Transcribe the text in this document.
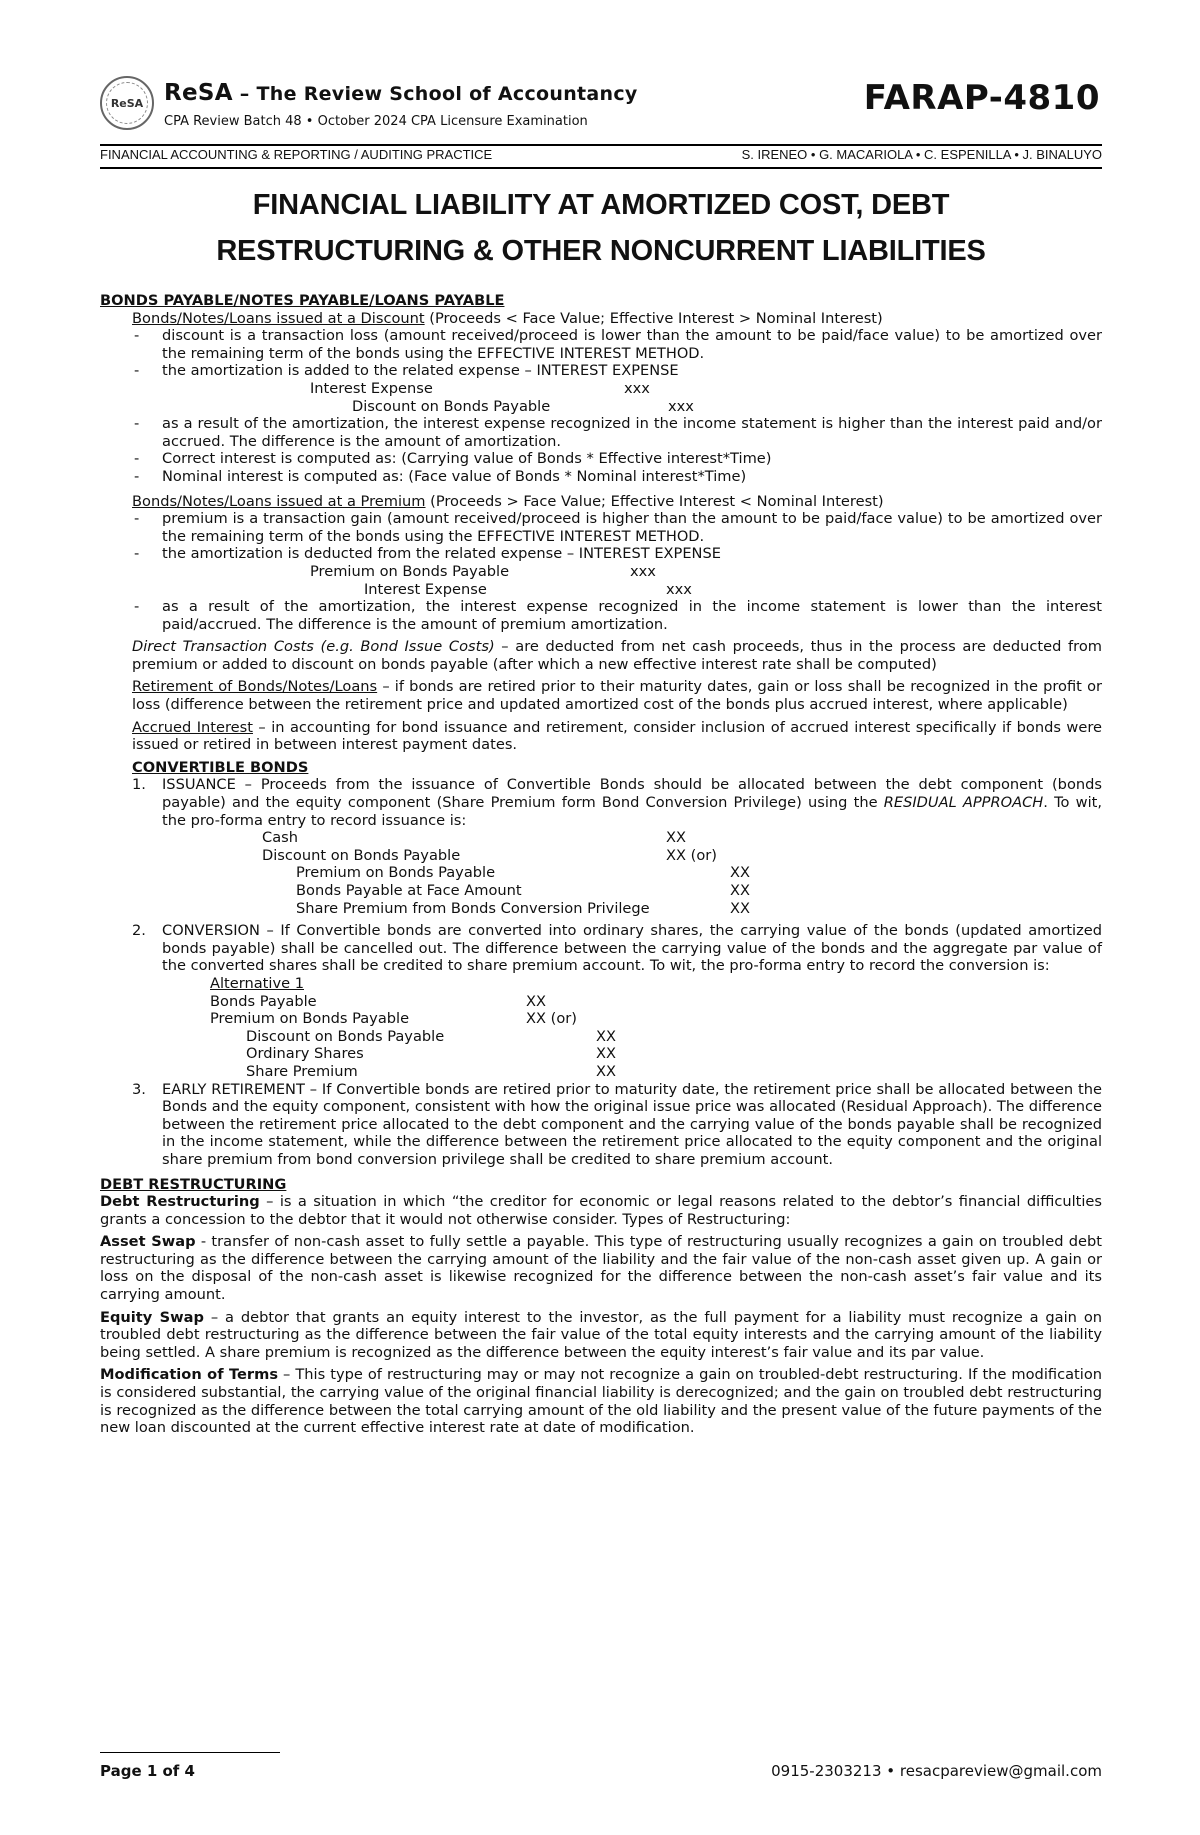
ReSA ReSA – The Review School of Accountancy
CPA Review Batch 48 • October 2024 CPA Licensure Examination
FARAP-4810
FINANCIAL ACCOUNTING & REPORTING / AUDITING PRACTICE	S. IRENEO • G. MACARIOLA • C. ESPENILLA • J. BINALUYO
FINANCIAL LIABILITY AT AMORTIZED COST, DEBT
RESTRUCTURING & OTHER NONCURRENT LIABILITIES

BONDS PAYABLE/NOTES PAYABLE/LOANS PAYABLE

Bonds/Notes/Loans issued at a Discount (Proceeds < Face Value; Effective Interest > Nominal Interest)

- discount is a transaction loss (amount received/proceed is lower than the amount to be paid/face value) to be amortized over the remaining term of the bonds using the EFFECTIVE INTEREST METHOD.
- the amortization is added to the related expense – INTEREST EXPENSE
Interest Expense	xxx
Discount on Bonds Payable	xxx
- as a result of the amortization, the interest expense recognized in the income statement is higher than the interest paid and/or accrued. The difference is the amount of amortization.
- Correct interest is computed as: (Carrying value of Bonds * Effective interest*Time)
- Nominal interest is computed as: (Face value of Bonds * Nominal interest*Time)

Bonds/Notes/Loans issued at a Premium (Proceeds > Face Value; Effective Interest < Nominal Interest)

- premium is a transaction gain (amount received/proceed is higher than the amount to be paid/face value) to be amortized over the remaining term of the bonds using the EFFECTIVE INTEREST METHOD.
- the amortization is deducted from the related expense – INTEREST EXPENSE
Premium on Bonds Payable	xxx
Interest Expense	xxx
- as a result of the amortization, the interest expense recognized in the income statement is lower than the interest paid/accrued. The difference is the amount of premium amortization.

Direct Transaction Costs (e.g. Bond Issue Costs) – are deducted from net cash proceeds, thus in the process are deducted from premium or added to discount on bonds payable (after which a new effective interest rate shall be computed)

Retirement of Bonds/Notes/Loans – if bonds are retired prior to their maturity dates, gain or loss shall be recognized in the profit or loss (difference between the retirement price and updated amortized cost of the bonds plus accrued interest, where applicable)

Accrued Interest – in accounting for bond issuance and retirement, consider inclusion of accrued interest specifically if bonds were issued or retired in between interest payment dates.

CONVERTIBLE BONDS

1. ISSUANCE – Proceeds from the issuance of Convertible Bonds should be allocated between the debt component (bonds payable) and the equity component (Share Premium form Bond Conversion Privilege) using the RESIDUAL APPROACH. To wit, the pro-forma entry to record issuance is:
Cash	XX
Discount on Bonds Payable	XX (or)
Premium on Bonds Payable	XX
Bonds Payable at Face Amount	XX
Share Premium from Bonds Conversion Privilege	XX
2. CONVERSION – If Convertible bonds are converted into ordinary shares, the carrying value of the bonds (updated amortized bonds payable) shall be cancelled out. The difference between the carrying value of the bonds and the aggregate par value of the converted shares shall be credited to share premium account. To wit, the pro-forma entry to record the conversion is:
Alternative 1
Bonds Payable	XX
Premium on Bonds Payable	XX (or)
Discount on Bonds Payable	XX
Ordinary Shares	XX
Share Premium	XX
3. EARLY RETIREMENT – If Convertible bonds are retired prior to maturity date, the retirement price shall be allocated between the Bonds and the equity component, consistent with how the original issue price was allocated (Residual Approach). The difference between the retirement price allocated to the debt component and the carrying value of the bonds payable shall be recognized in the income statement, while the difference between the retirement price allocated to the equity component and the original share premium from bond conversion privilege shall be credited to share premium account.

DEBT RESTRUCTURING

Debt Restructuring – is a situation in which “the creditor for economic or legal reasons related to the debtor’s financial difficulties grants a concession to the debtor that it would not otherwise consider. Types of Restructuring:

Asset Swap - transfer of non-cash asset to fully settle a payable. This type of restructuring usually recognizes a gain on troubled debt restructuring as the difference between the carrying amount of the liability and the fair value of the non-cash asset given up. A gain or loss on the disposal of the non-cash asset is likewise recognized for the difference between the non-cash asset’s fair value and its carrying amount.

Equity Swap – a debtor that grants an equity interest to the investor, as the full payment for a liability must recognize a gain on troubled debt restructuring as the difference between the fair value of the total equity interests and the carrying amount of the liability being settled. A share premium is recognized as the difference between the equity interest’s fair value and its par value.

Modification of Terms – This type of restructuring may or may not recognize a gain on troubled-debt restructuring. If the modification is considered substantial, the carrying value of the original financial liability is derecognized; and the gain on troubled debt restructuring is recognized as the difference between the total carrying amount of the old liability and the present value of the future payments of the new loan discounted at the current effective interest rate at date of modification.

Page 1 of 4	0915-2303213 • resacpareview@gmail.com
